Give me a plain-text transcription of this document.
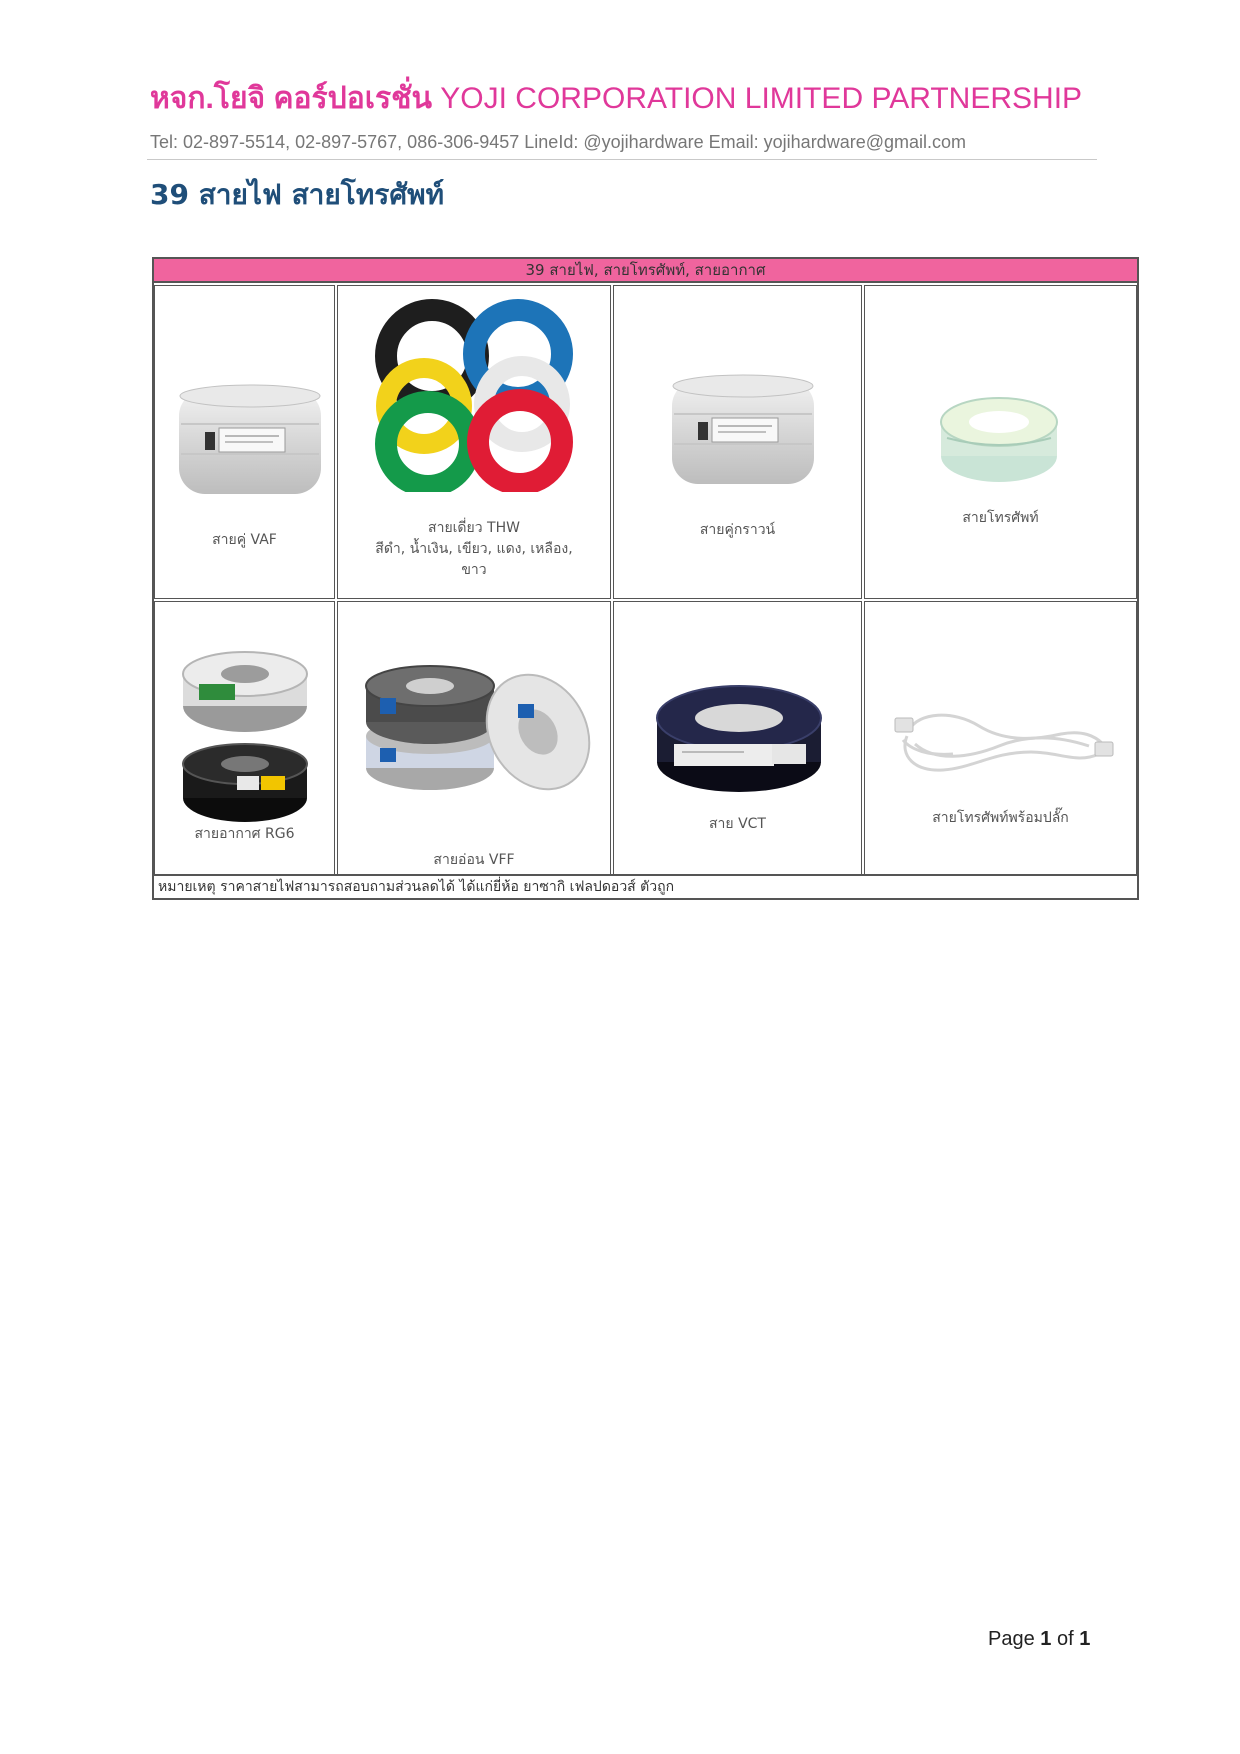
หจก.โยจิ คอร์ปอเรชั่น YOJI CORPORATION LIMITED PARTNERSHIP
Tel: 02-897-5514, 02-897-5767, 086-306-9457 LineId: @yojihardware Email: yojihardware@gmail.com
39 สายไฟ สายโทรศัพท์
39 สายไฟ, สายโทรศัพท์, สายอากาศ
สายคู่ VAF
สายเดี่ยว THW
สีดำ, น้ำเงิน, เขียว, แดง, เหลือง,
ขาว
สายคู่กราวน์
สายโทรศัพท์
สายอากาศ RG6
สายอ่อน VFF
สาย VCT	สายโทรศัพท์พร้อมปลั๊ก
หมายเหตุ ราคาสายไฟสามารถสอบถามส่วนลดได้ ได้แก่ยี่ห้อ ยาซากิ เฟลปดอวส์ ตัวถูก
Page 1 of 1
